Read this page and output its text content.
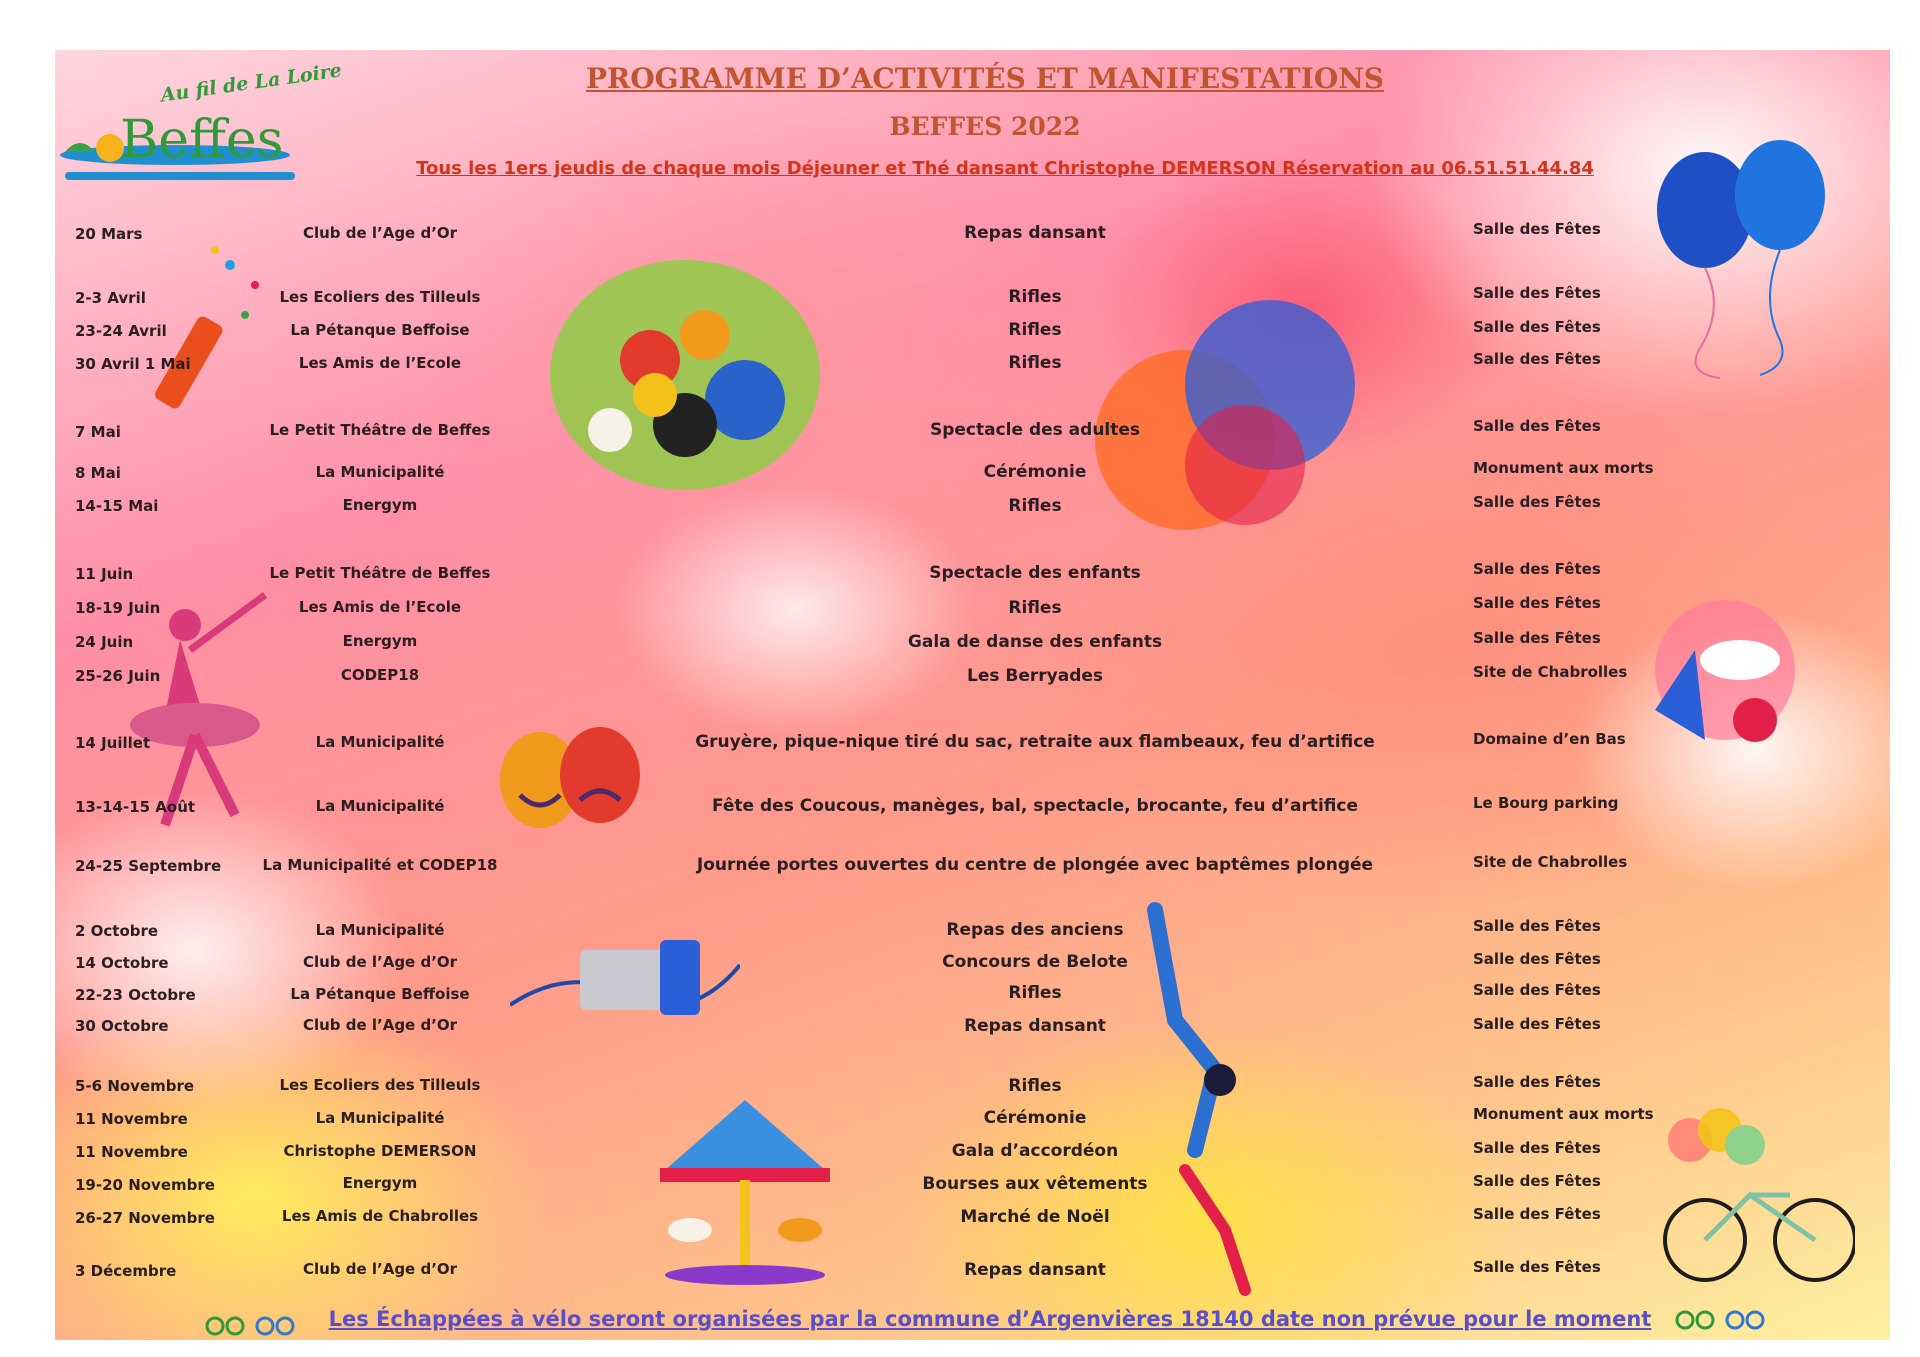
Au fil de La Loire
Beffes
PROGRAMME D’ACTIVITÉS ET MANIFESTATIONS
BEFFES 2022
Tous les 1ers jeudis de chaque mois Déjeuner et Thé dansant Christophe DEMERSON Réservation au 06.51.51.44.84
20 Mars	Club de l’Age d’Or	Repas dansant	Salle des Fêtes
2-3 Avril	Les Ecoliers des Tilleuls	Rifles	Salle des Fêtes
23-24 Avril	La Pétanque Beffoise	Rifles	Salle des Fêtes
30 Avril 1 Mai	Les Amis de l’Ecole	Rifles	Salle des Fêtes
7 Mai	Le Petit Théâtre de Beffes	Spectacle des adultes	Salle des Fêtes
8 Mai	La Municipalité	Cérémonie	Monument aux morts
14-15 Mai	Energym	Rifles	Salle des Fêtes
11 Juin	Le Petit Théâtre de Beffes	Spectacle des enfants	Salle des Fêtes
18-19 Juin	Les Amis de l’Ecole	Rifles	Salle des Fêtes
24 Juin	Energym	Gala de danse des enfants	Salle des Fêtes
25-26 Juin	CODEP18	Les Berryades	Site de Chabrolles
14 Juillet	La Municipalité	Gruyère, pique-nique tiré du sac, retraite aux flambeaux, feu d’artifice	Domaine d’en Bas
13-14-15 Août	La Municipalité	Fête des Coucous, manèges, bal, spectacle, brocante, feu d’artifice	Le Bourg parking
24-25 Septembre	La Municipalité et CODEP18	Journée portes ouvertes du centre de plongée avec baptêmes plongée	Site de Chabrolles
2 Octobre	La Municipalité	Repas des anciens	Salle des Fêtes
14 Octobre	Club de l’Age d’Or	Concours de Belote	Salle des Fêtes
22-23 Octobre	La Pétanque Beffoise	Rifles	Salle des Fêtes
30 Octobre	Club de l’Age d’Or	Repas dansant	Salle des Fêtes
5-6 Novembre	Les Ecoliers des Tilleuls	Rifles	Salle des Fêtes
11 Novembre	La Municipalité	Cérémonie	Monument aux morts
11 Novembre	Christophe DEMERSON	Gala d’accordéon	Salle des Fêtes
19-20 Novembre	Energym	Bourses aux vêtements	Salle des Fêtes
26-27 Novembre	Les Amis de Chabrolles	Marché de Noël	Salle des Fêtes
3 Décembre	Club de l’Age d’Or	Repas dansant	Salle des Fêtes
Les Échappées à vélo seront organisées par la commune d’Argenvières 18140 date non prévue pour le moment
